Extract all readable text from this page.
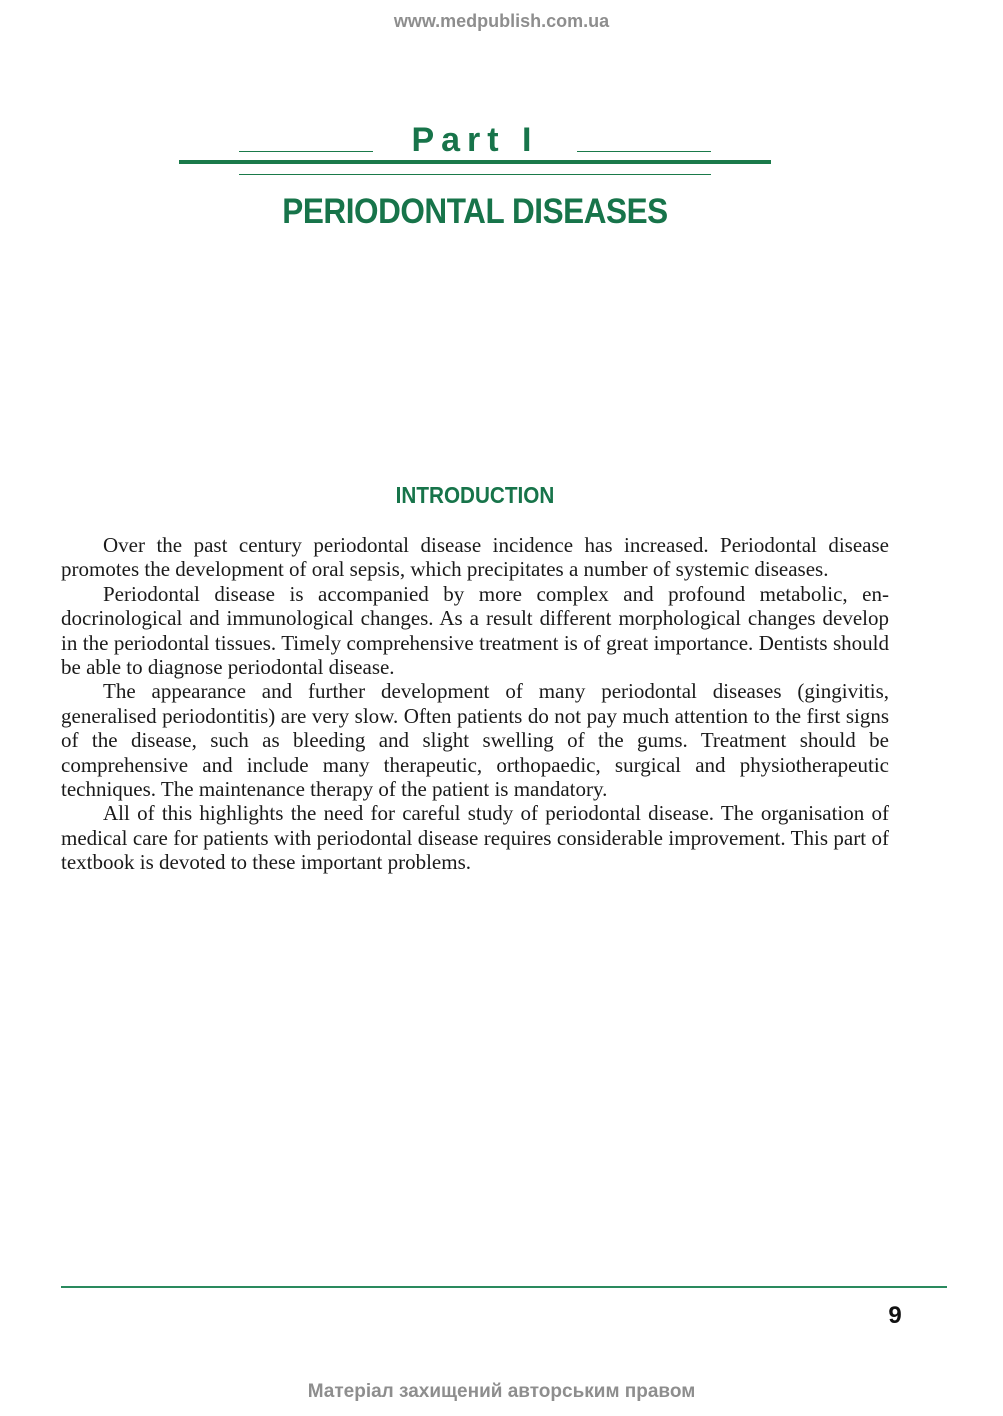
www.medpublish.com.ua
Part I
PERIODONTAL DISEASES
INTRODUCTION

Over the past century periodontal disease incidence has increased. Periodontal disease promotes the development of oral sepsis, which precipitates a number of systemic diseases.

Periodontal disease is accompanied by more complex and profound metabolic, endocrinological and immunological changes. As a result different morphological changes develop in the periodontal tissues. Timely comprehensive treatment is of great importance. Dentists should be able to diagnose periodontal disease.

The appearance and further development of many periodontal diseases (gingivitis, generalised periodontitis) are very slow. Often patients do not pay much attention to the first signs of the disease, such as bleeding and slight swelling of the gums. Treatment should be comprehensive and include many therapeutic, orthopaedic, surgical and physiotherapeutic techniques. The maintenance therapy of the patient is mandatory.

All of this highlights the need for careful study of periodontal disease. The organisation of medical care for patients with periodontal disease requires considerable improvement. This part of textbook is devoted to these important problems.

9
Матеріал захищений авторським правом
